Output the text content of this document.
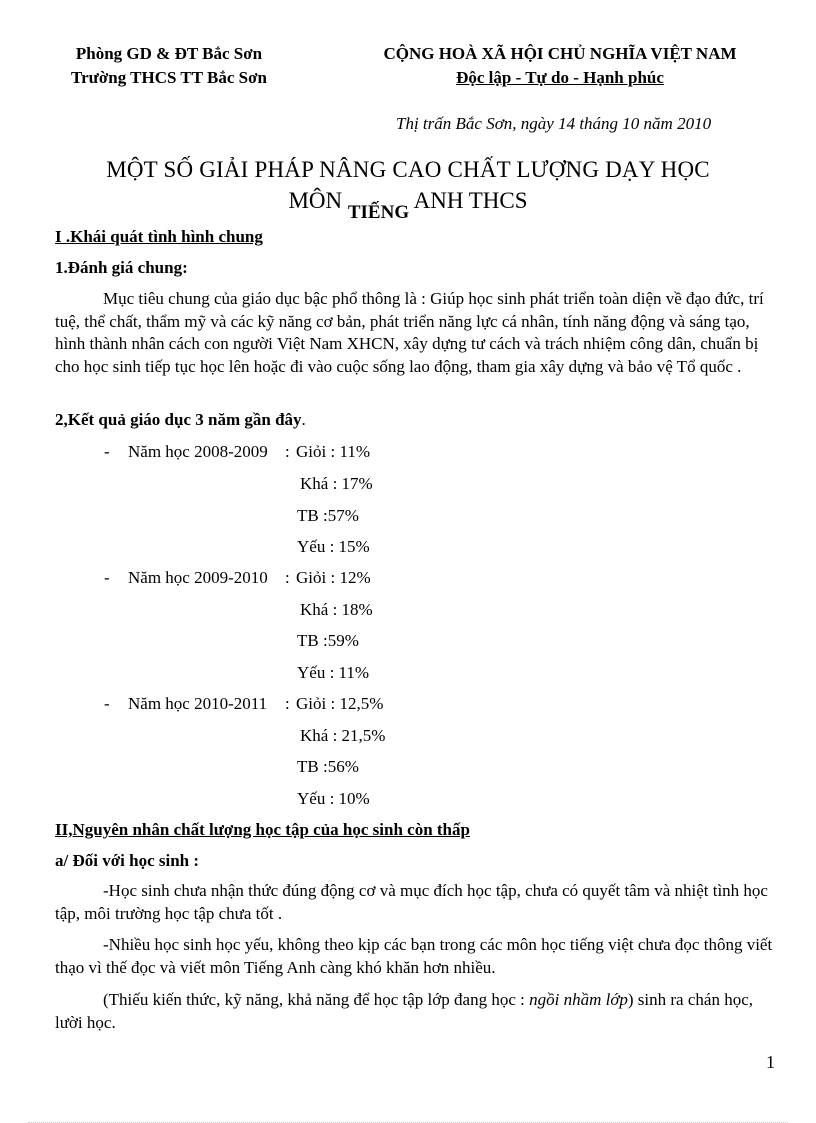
Phòng GD & ĐT Bắc Sơn
Trường THCS TT Bắc Sơn
CỘNG HOÀ XÃ HỘI CHỦ NGHĨA VIỆT NAM
Độc lập - Tự do - Hạnh phúc
Thị trấn Bắc Sơn, ngày 14 tháng 10 năm 2010
MỘT SỐ GIẢI PHÁP NÂNG CAO CHẤT LƯỢNG DẠY HỌC
MÔN TIẾNG ANH THCS
I .Khái quát tình hình chung
1.Đánh giá chung:
Mục tiêu chung của giáo dục bậc phổ thông là : Giúp học sinh phát triển toàn diện về đạo đức, trí tuệ, thể chất, thẩm mỹ và các kỹ năng cơ bản, phát triển năng lực cá nhân, tính năng động và sáng tạo, hình thành nhân cách con người Việt Nam XHCN, xây dựng tư cách và trách nhiệm công dân, chuẩn bị cho học sinh tiếp tục học lên hoặc đi vào cuộc sống lao động, tham gia xây dựng và bảo vệ Tổ quốc .
2,Kết quả giáo dục 3 năm gần đây.
- Năm học 2008-2009 : Giỏi : 11%
Khá : 17%
TB :57%
Yếu : 15%
- Năm học 2009-2010 : Giỏi : 12%
Khá : 18%
TB :59%
Yếu : 11%
- Năm học 2010-2011 : Giỏi : 12,5%
Khá : 21,5%
TB :56%
Yếu : 10%
II,Nguyên nhân chất lượng học tập của học sinh còn thấp
a/ Đối với học sinh :
-Học sinh chưa nhận thức đúng động cơ và mục đích học tập, chưa có quyết tâm và nhiệt tình học tập, môi trường học tập chưa tốt .
-Nhiều học sinh học yếu, không theo kịp các bạn trong các môn học tiếng việt chưa đọc thông viết thạo vì thế đọc và viết môn Tiếng Anh càng khó khăn hơn nhiều.
(Thiếu kiến thức, kỹ năng, khả năng để học tập lớp đang học : ngồi nhầm lớp) sinh ra chán học, lười học.
1
